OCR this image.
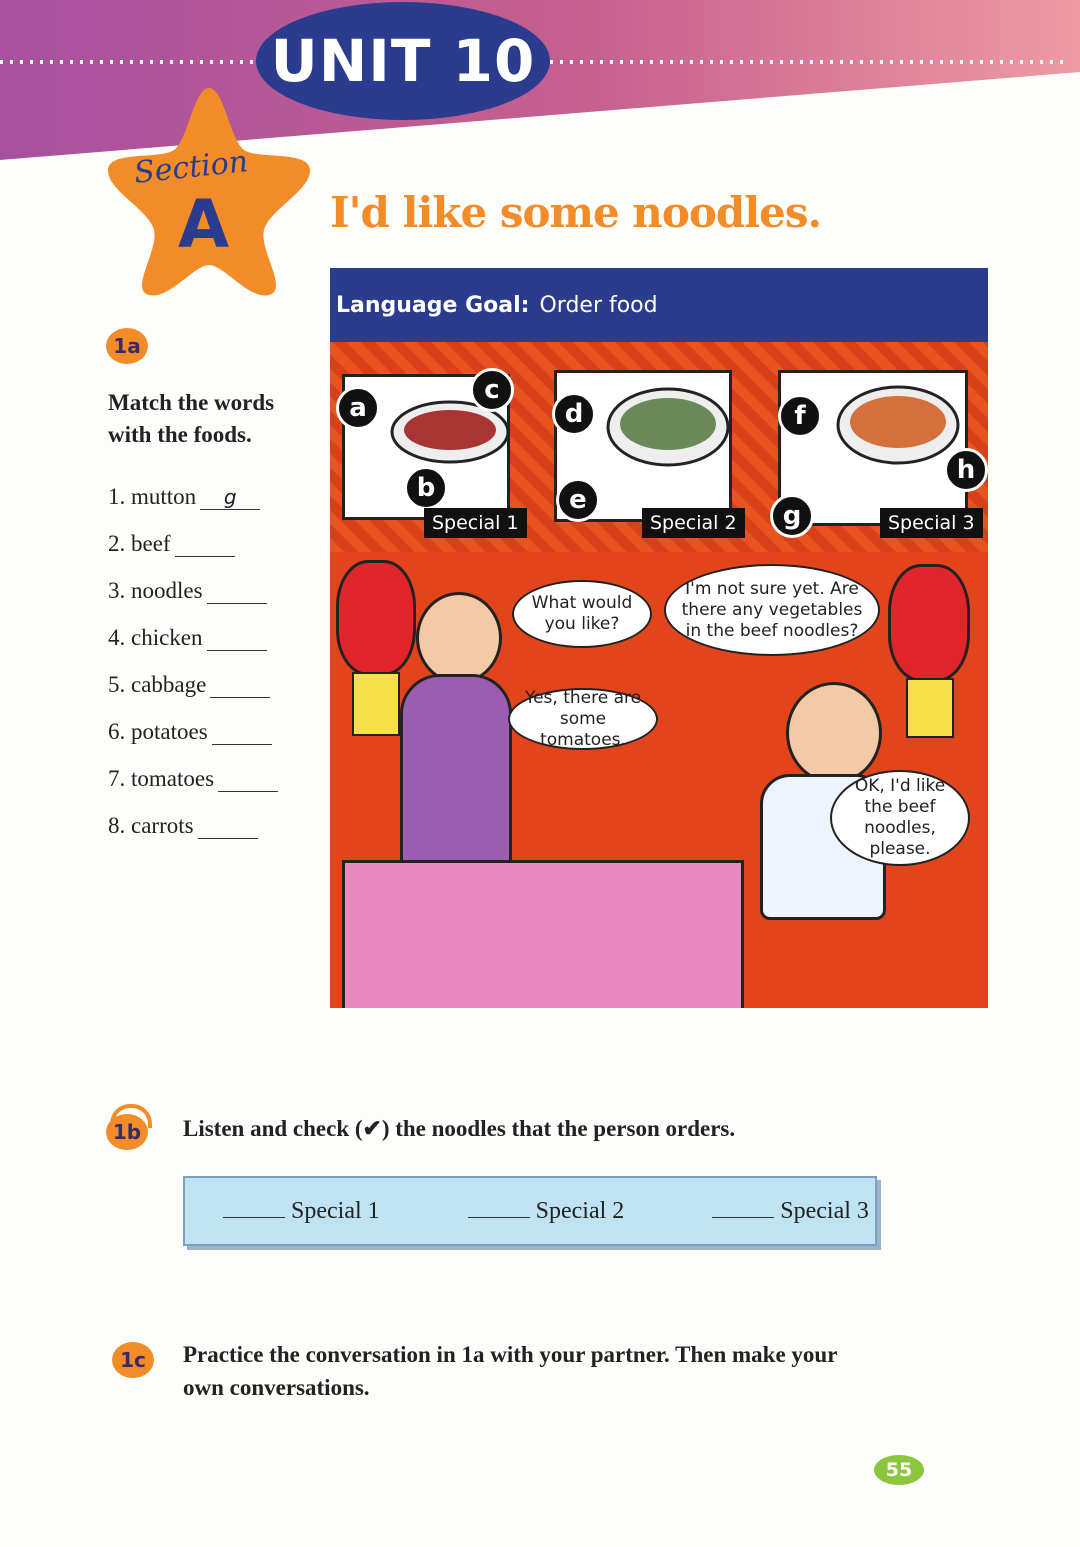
UNIT 10
Section
A I'd like some noodles.
Language Goal: Order food
a
b
c
d
e
f
g
h
Special 1	Special 2	Special 3
What would you like?
I'm not sure yet. Are there any vegetables in the beef noodles?
Yes, there are some tomatoes.
OK, I'd like the beef noodles, please.
1a
Match the words
with the foods.
1. mutton g
2. beef
3. noodles
4. chicken
5. cabbage
6. potatoes
7. tomatoes
8. carrots
1b Listen and check (✔) the noodles that the person orders.
Special 1	Special 2	Special 3
1c	Practice the conversation in 1a with your partner. Then make your
own conversations.
55
